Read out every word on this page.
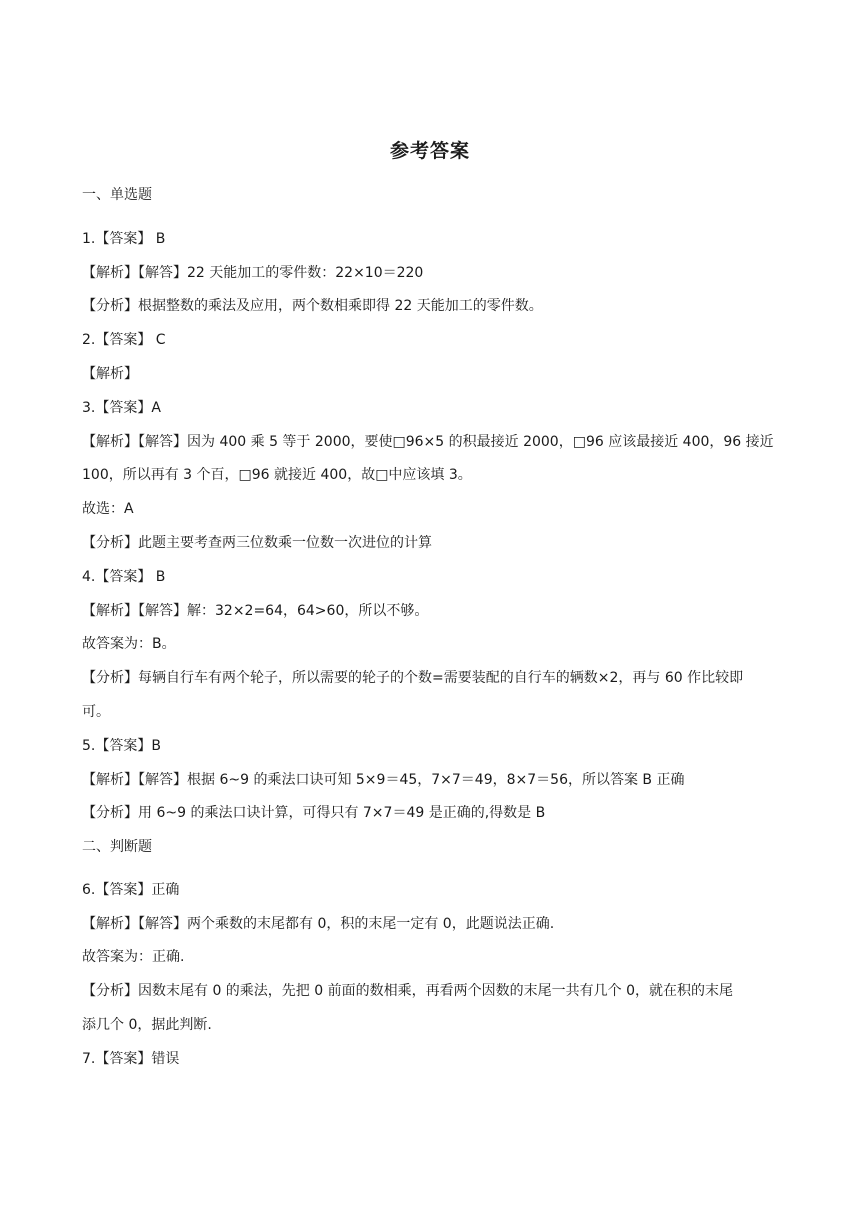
参考答案
一、单选题
1.【答案】 B
【解析】【解答】22 天能加工的零件数：22×10＝220
【分析】根据整数的乘法及应用，两个数相乘即得 22 天能加工的零件数。
2.【答案】 C
【解析】
3.【答案】A
【解析】【解答】因为 400 乘 5 等于 2000，要使□96×5 的积最接近 2000，□96 应该最接近 400，96 接近
100，所以再有 3 个百，□96 就接近 400，故□中应该填 3。
故选：A
【分析】此题主要考查两三位数乘一位数一次进位的计算
4.【答案】 B
【解析】【解答】解：32×2=64，64>60，所以不够。
故答案为：B。
【分析】每辆自行车有两个轮子，所以需要的轮子的个数=需要装配的自行车的辆数×2，再与 60 作比较即
可。
5.【答案】B
【解析】【解答】根据 6~9 的乘法口诀可知 5×9＝45，7×7＝49，8×7＝56，所以答案 B 正确
【分析】用 6~9 的乘法口诀计算，可得只有 7×7＝49 是正确的,得数是 B
二、判断题
6.【答案】正确
【解析】【解答】两个乘数的末尾都有 0，积的末尾一定有 0，此题说法正确.
故答案为：正确.
【分析】因数末尾有 0 的乘法，先把 0 前面的数相乘，再看两个因数的末尾一共有几个 0，就在积的末尾
添几个 0，据此判断.
7.【答案】错误
